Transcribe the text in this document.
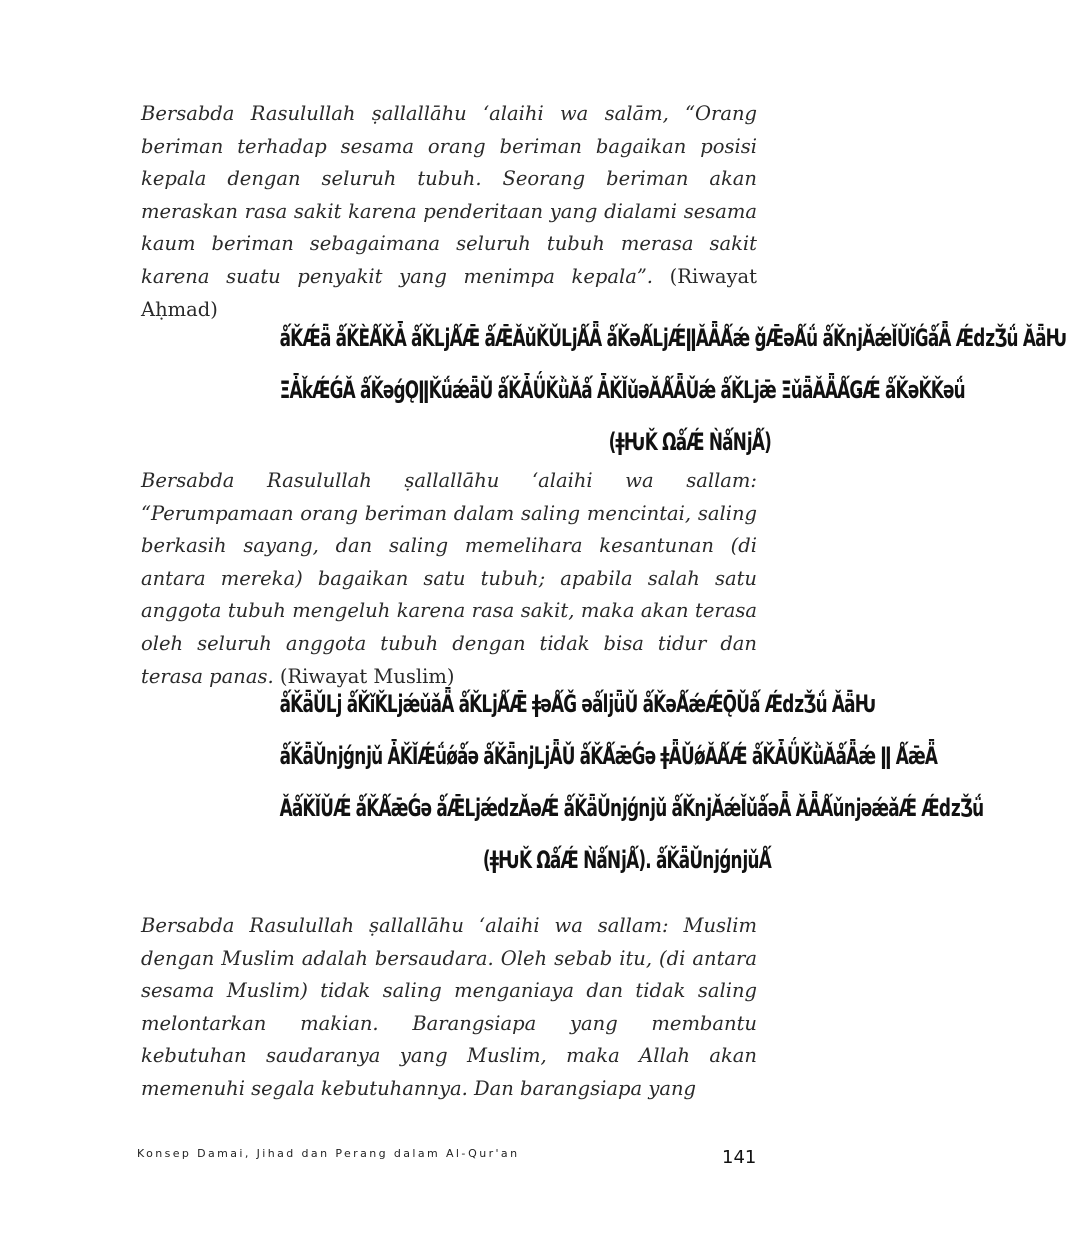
Bersabda Rasulullah ṣallallāhu ‘alaihi wa salām, “Orang beriman terhadap sesama orang beriman bagaikan posisi kepala dengan seluruh tubuh. Seorang beriman akan meraskan rasa sakit karena penderitaan yang dialami sesama kaum beriman sebagaimana seluruh tubuh merasa sakit karena suatu penyakit yang menimpa kepala”. (Riwayat Aḥmad)

ǻǨǼǟ ǻǨÈǺǨǠ ǻǨǈǺǢ ǻǢǍǔǨǓǈǺǞ ǻǨǝǺǈǼǁǍǞǺǽ ǧǢǝǺǘ ǻǨǌǍǽǏǓǐǴǻǞ ǼǳǮǘ ǍǟǶ
ΞǠǩǼǴǍ ǻǨǝǵǪǁǨǘǽǟǓ ǻǨǠǗǨǜǍǻ ǠǨǏǔǝǍǺǞǓǽ ǻǨǈǣ ΞǔǟǍǞǺǤǼ ǻǨǝǨǨǝǘ
(ǂǶǨ ΩǻǼ ǸǻǋǺ)

Bersabda Rasulullah ṣallallāhu ‘alaihi wa sallam: “Perumpamaan orang beriman dalam saling mencintai, saling berkasih sayang, dan saling memelihara kesantunan (di antara mereka) bagaikan satu tubuh; apabila salah satu anggota tubuh mengeluh karena rasa sakit, maka akan terasa oleh seluruh anggota tubuh dengan tidak bisa tidur dan terasa panas. (Riwayat Muslim)

ǻǨǟǓǈ ǻǨǐǨǈǽǔǎǞ ǻǨǈǺǢ ǂǝǺǦ ǝǻǉǖǓ ǻǨǝǺǽǼǬǓǻ ǼǳǮǘ ǍǟǶ
ǻǨǟǓǌǵǌǔ ǠǨǏǼǘǿǻǝ ǻǨǟǌǈǞǓ ǻǨǺǣǴǝ ǂǞǓǿǍǺǼ ǻǨǠǗǨǜǍǻǞǽ ǁ ǺǣǞ
ǍǻǨǏǓǼ ǻǨǺǣǴǝ ǻǢǈǽǳǍǝǼ ǻǨǟǓǌǵǌǔ ǻǨǌǍǽǏǔǻǝǞ ǍǞǺǔǌǝǽǎǼ ǼǳǮǘ
(ǂǶǨ ΩǻǼ ǸǻǋǺ). ǻǨǟǓǌǵǌǔǺ

Bersabda Rasulullah ṣallallāhu ‘alaihi wa sallam: Muslim dengan Muslim adalah bersaudara. Oleh sebab itu, (di antara sesama Muslim) tidak saling menganiaya dan tidak saling melontarkan makian. Barangsiapa yang membantu kebutuhan saudaranya yang Muslim, maka Allah akan memenuhi segala kebutuhannya. Dan barangsiapa yang

Konsep Damai, Jihad dan Perang dalam Al-Qur'an	141
